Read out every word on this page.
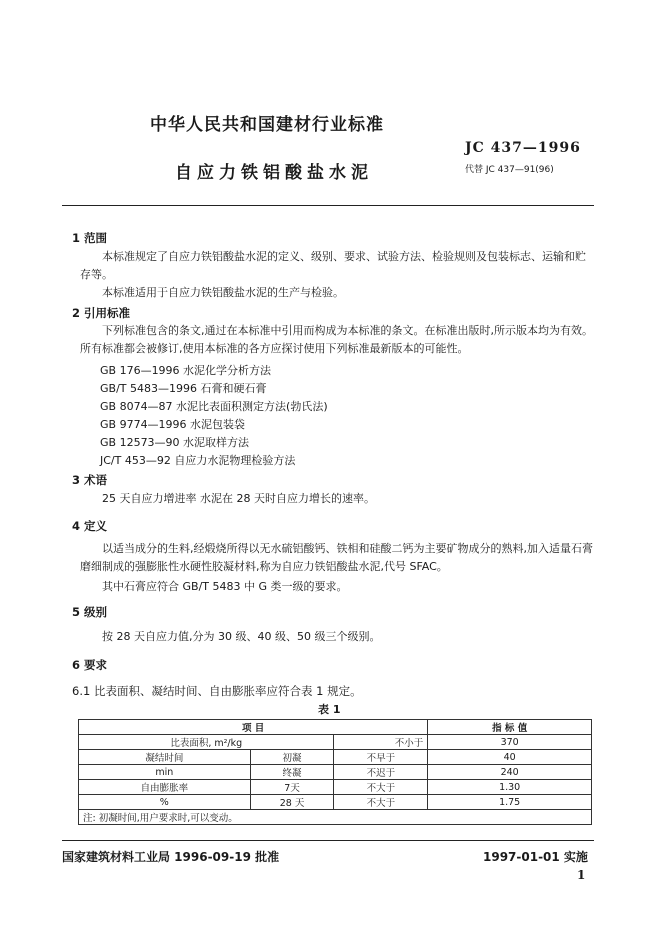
中华人民共和国建材行业标准
自应力铁铝酸盐水泥
JC 437—1996
代替 JC 437—91(96)
1 范围
本标准规定了自应力铁铝酸盐水泥的定义、级别、要求、试验方法、检验规则及包装标志、运输和贮存等。
本标准适用于自应力铁铝酸盐水泥的生产与检验。
2 引用标准
下列标准包含的条文,通过在本标准中引用而构成为本标准的条文。在标准出版时,所示版本均为有效。所有标准都会被修订,使用本标准的各方应探讨使用下列标准最新版本的可能性。
GB 176—1996 水泥化学分析方法
GB/T 5483—1996 石膏和硬石膏
GB 8074—87 水泥比表面积测定方法(勃氏法)
GB 9774—1996 水泥包装袋
GB 12573—90 水泥取样方法
JC/T 453—92 自应力水泥物理检验方法
3 术语
25 天自应力增进率 水泥在 28 天时自应力增长的速率。
4 定义
以适当成分的生料,经煅烧所得以无水硫铝酸钙、铁相和硅酸二钙为主要矿物成分的熟料,加入适量石膏磨细制成的强膨胀性水硬性胶凝材料,称为自应力铁铝酸盐水泥,代号 SFAC。
其中石膏应符合 GB/T 5483 中 G 类一级的要求。
5 级别
按 28 天自应力值,分为 30 级、40 级、50 级三个级别。
6 要求
6.1 比表面积、凝结时间、自由膨胀率应符合表 1 规定。
表 1
项 目			指 标 值
比表面积, m²/kg		不小于	370
凝结时间	初凝	不早于	40
min	终凝	不迟于	240
自由膨胀率	7天	不大于	1.30
%	28 天	不大于	1.75
注: 初凝时间,用户要求时,可以变动。			
国家建筑材料工业局 1996-09-19 批准	1997-01-01 实施
1
